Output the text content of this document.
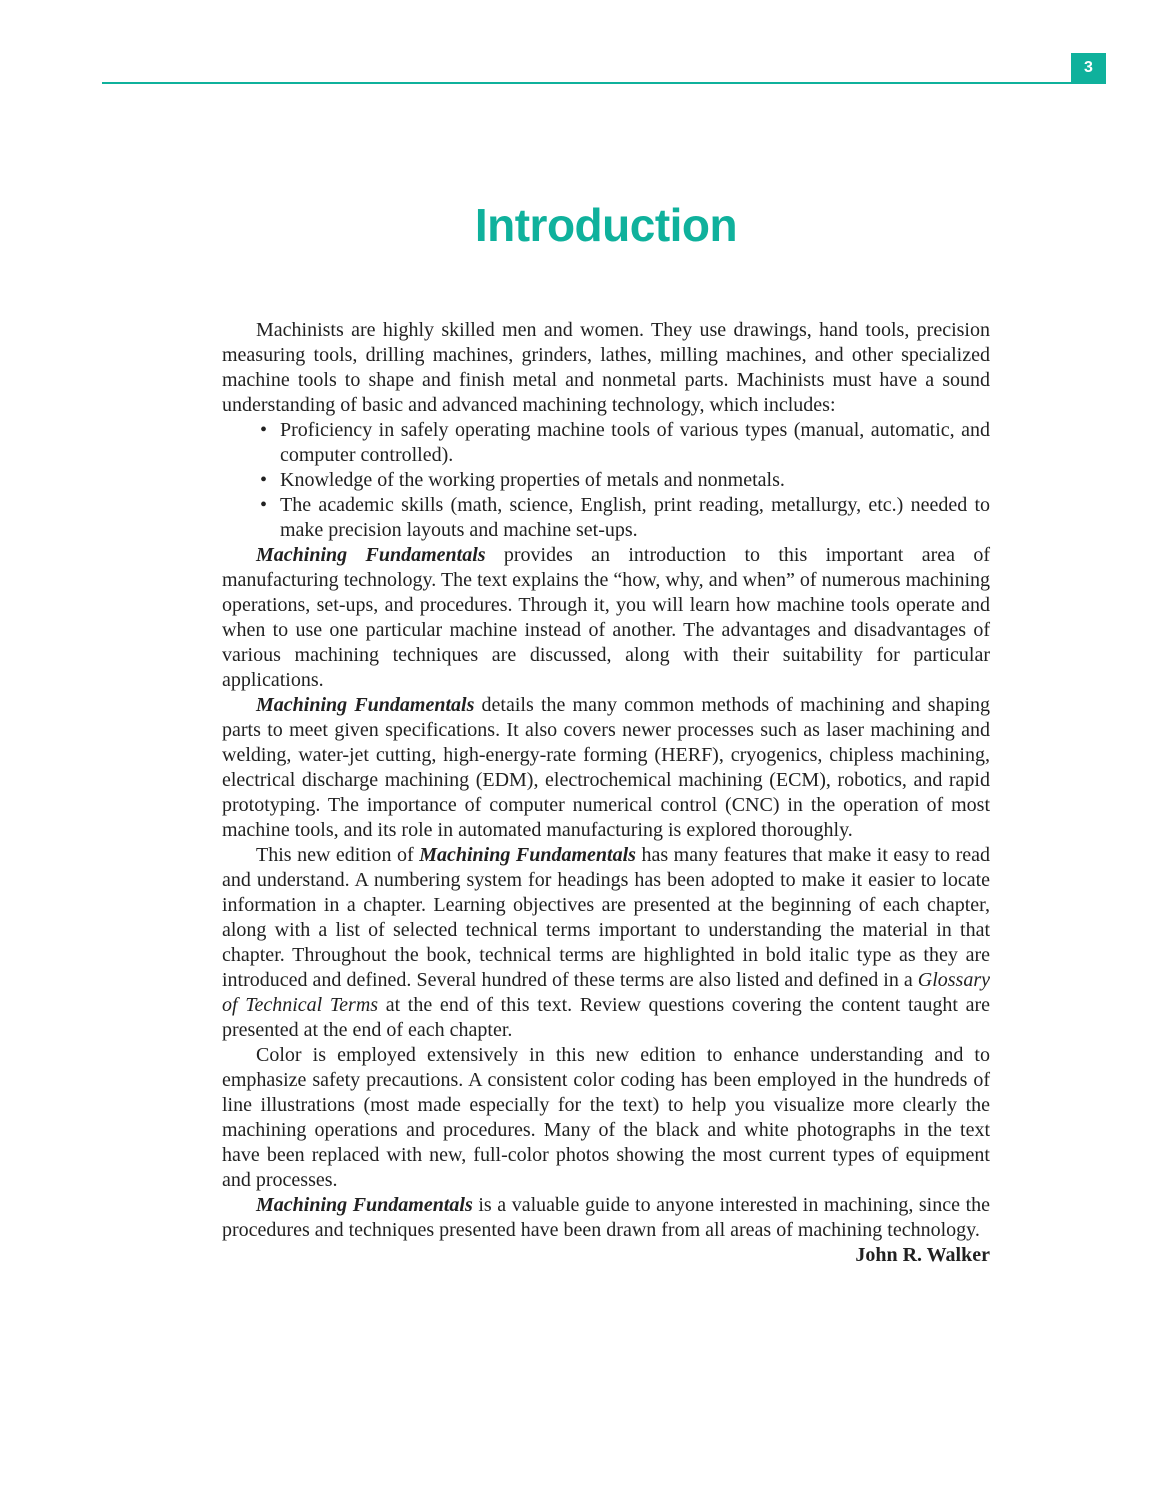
3
Introduction

Machinists are highly skilled men and women. They use drawings, hand tools, precision measuring tools, drilling machines, grinders, lathes, milling machines, and other specialized machine tools to shape and finish metal and nonmetal parts. Machinists must have a sound understanding of basic and advanced machining technology, which includes:

• Proficiency in safely operating machine tools of various types (manual, automatic, and computer controlled).
• Knowledge of the working properties of metals and nonmetals.
• The academic skills (math, science, English, print reading, metallurgy, etc.) needed to make precision layouts and machine set-ups.

Machining Fundamentals provides an introduction to this important area of manufacturing technology. The text explains the “how, why, and when” of numerous machining operations, set-ups, and procedures. Through it, you will learn how machine tools operate and when to use one particular machine instead of another. The advantages and disadvantages of various machining techniques are discussed, along with their suitability for particular applications.

Machining Fundamentals details the many common methods of machining and shaping parts to meet given specifications. It also covers newer processes such as laser machining and welding, water-jet cutting, high-energy-rate forming (HERF), cryogenics, chipless machining, electrical discharge machining (EDM), electrochemical machining (ECM), robotics, and rapid prototyping. The importance of computer numerical control (CNC) in the operation of most machine tools, and its role in automated manufacturing is explored thoroughly.

This new edition of Machining Fundamentals has many features that make it easy to read and understand. A numbering system for headings has been adopted to make it easier to locate information in a chapter. Learning objectives are presented at the beginning of each chapter, along with a list of selected technical terms important to understanding the material in that chapter. Throughout the book, technical terms are highlighted in bold italic type as they are introduced and defined. Several hundred of these terms are also listed and defined in a Glossary of Technical Terms at the end of this text. Review questions covering the content taught are presented at the end of each chapter.

Color is employed extensively in this new edition to enhance understanding and to emphasize safety precautions. A consistent color coding has been employed in the hundreds of line illustrations (most made especially for the text) to help you visualize more clearly the machining operations and procedures. Many of the black and white photographs in the text have been replaced with new, full-color photos showing the most current types of equipment and processes.

Machining Fundamentals is a valuable guide to anyone interested in machining, since the procedures and techniques presented have been drawn from all areas of machining technology.

John R. Walker
